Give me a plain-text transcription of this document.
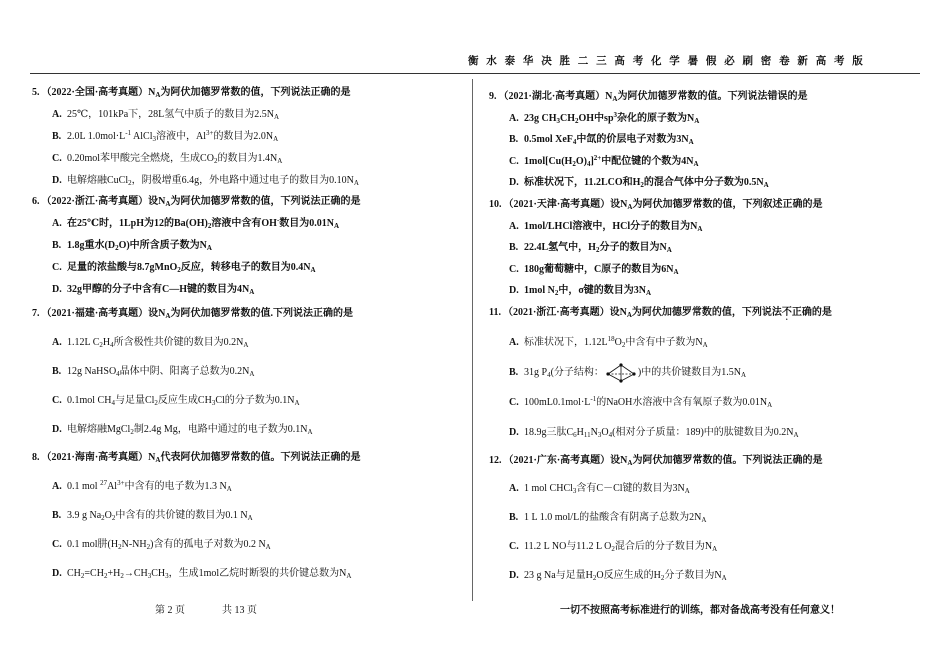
衡水泰华决胜二三高考化学暑假必刷密卷新高考版
5. （2022·全国·高考真题）$N_A$为阿伏加德罗常数的值，下列说法正确的是
A. 25℃，101kPa下，28L氢气中质子的数目为$2.5N_A$
B. 2.0L $1.0mol\cdot L^{-1}$ AlCl$_3$溶液中，$Al^{3+}$的数目为$2.0N_A$
C. 0.20mol苯甲酸完全燃烧，生成$CO_2$的数目为$1.4N_A$
D. 电解熔融CuCl$_2$，阴极增重6.4g，外电路中通过电子的数目为$0.10N_A$
6. （2022·浙江·高考真题）设$N_A$为阿伏加德罗常数的值，下列说法正确的是
A. 在25℃时，1LpH为12的$Ba(OH)_2$溶液中含有OH-数目为$0.01N_A$
B. 1.8g重水$(D_2O)$中所含质子数为$N_A$
C. 足量的浓盐酸与8.7gMnO$_2$反应，转移电子的数目为$0.4N_A$
D. 32g甲醇的分子中含有C—H键的数目为$4N_A$
7. （2021·福建·高考真题）设$N_A$为阿伏加德罗常数的值.下列说法正确的是
A. 1.12L $C_2H_4$所含极性共价键的数目为$0.2N_A$
B. 12g NaHSO$_4$晶体中阴、阳离子总数为$0.2N_A$
C. 0.1mol $CH_4$与足量$Cl_2$反应生成$CH_3Cl$的分子数为$0.1N_A$
D. 电解熔融MgCl$_2$制2.4g Mg，电路中通过的电子数为$0.1N_A$
8. （2021·海南·高考真题）$N_A$代表阿伏加德罗常数的值。下列说法正确的是
A. 0.1 mol $^{27}Al^{3+}$中含有的电子数为1.3 $N_A$
B. 3.9 g $Na_2O_2$中含有的共价键的数目为0.1 $N_A$
C. 0.1 mol肼$(H_2N-NH_2)$含有的孤电子对数为0.2 $N_A$
D. $CH_2=CH_2+H_2\to CH_3CH_3$，生成1mol乙烷时断裂的共价键总数为$N_A$
9. （2021·湖北·高考真题）$N_A$为阿伏加德罗常数的值。下列说法错误的是
A. 23g $CH_3CH_2OH$中$sp^3$杂化的原子数为$N_A$
B. 0.5mol XeF$_4$中氙的价层电子对数为$3N_A$
C. $1mol[Cu(H_2O)_4]^{2+}$中配位键的个数为$4N_A$
D. 标准状况下，11.2LCO和$H_2$的混合气体中分子数为$0.5N_A$
10. （2021·天津·高考真题）设$N_A$为阿伏加德罗常数的值，下列叙述正确的是
A. 1mol/LHCl溶液中，HCl分子的数目为$N_A$
B. 22.4L氢气中，$H_2$分子的数目为$N_A$
C. 180g葡萄糖中，C原子的数目为$6N_A$
D. 1mol $N_2$中，σ键的数目为$3N_A$
11. （2021·浙江·高考真题）设$N_A$为阿伏加德罗常数的值，下列说法不正确的是
A. 标准状况下，$1.12L^{18}O_2$中含有中子数为$N_A$
B. 31g $P_4$(分子结构：	)中的共价键数目为$1.5N_A$
C. $100mL0.1mol\cdot L^{-1}$的NaOH水溶液中含有氧原子数为$0.01N_A$
D. 18.9g三肽$C_6H_{11}N_3O_4$(相对分子质量：189)中的肽键数目为$0.2N_A$
12. （2021·广东·高考真题）设$N_A$为阿伏加德罗常数的值。下列说法正确的是
A. 1 mol CHCl$_3$含有C－Cl键的数目为$3N_A$
B. 1 L 1.0 mol/L的盐酸含有阴离子总数为$2N_A$
C. 11.2 L NO与11.2 L $O_2$混合后的分子数目为$N_A$
D. 23 g Na与足量$H_2O$反应生成的$H_2$分子数目为$N_A$
第 2 页	共 13 页	一切不按照高考标准进行的训练，都对备战高考没有任何意义！
